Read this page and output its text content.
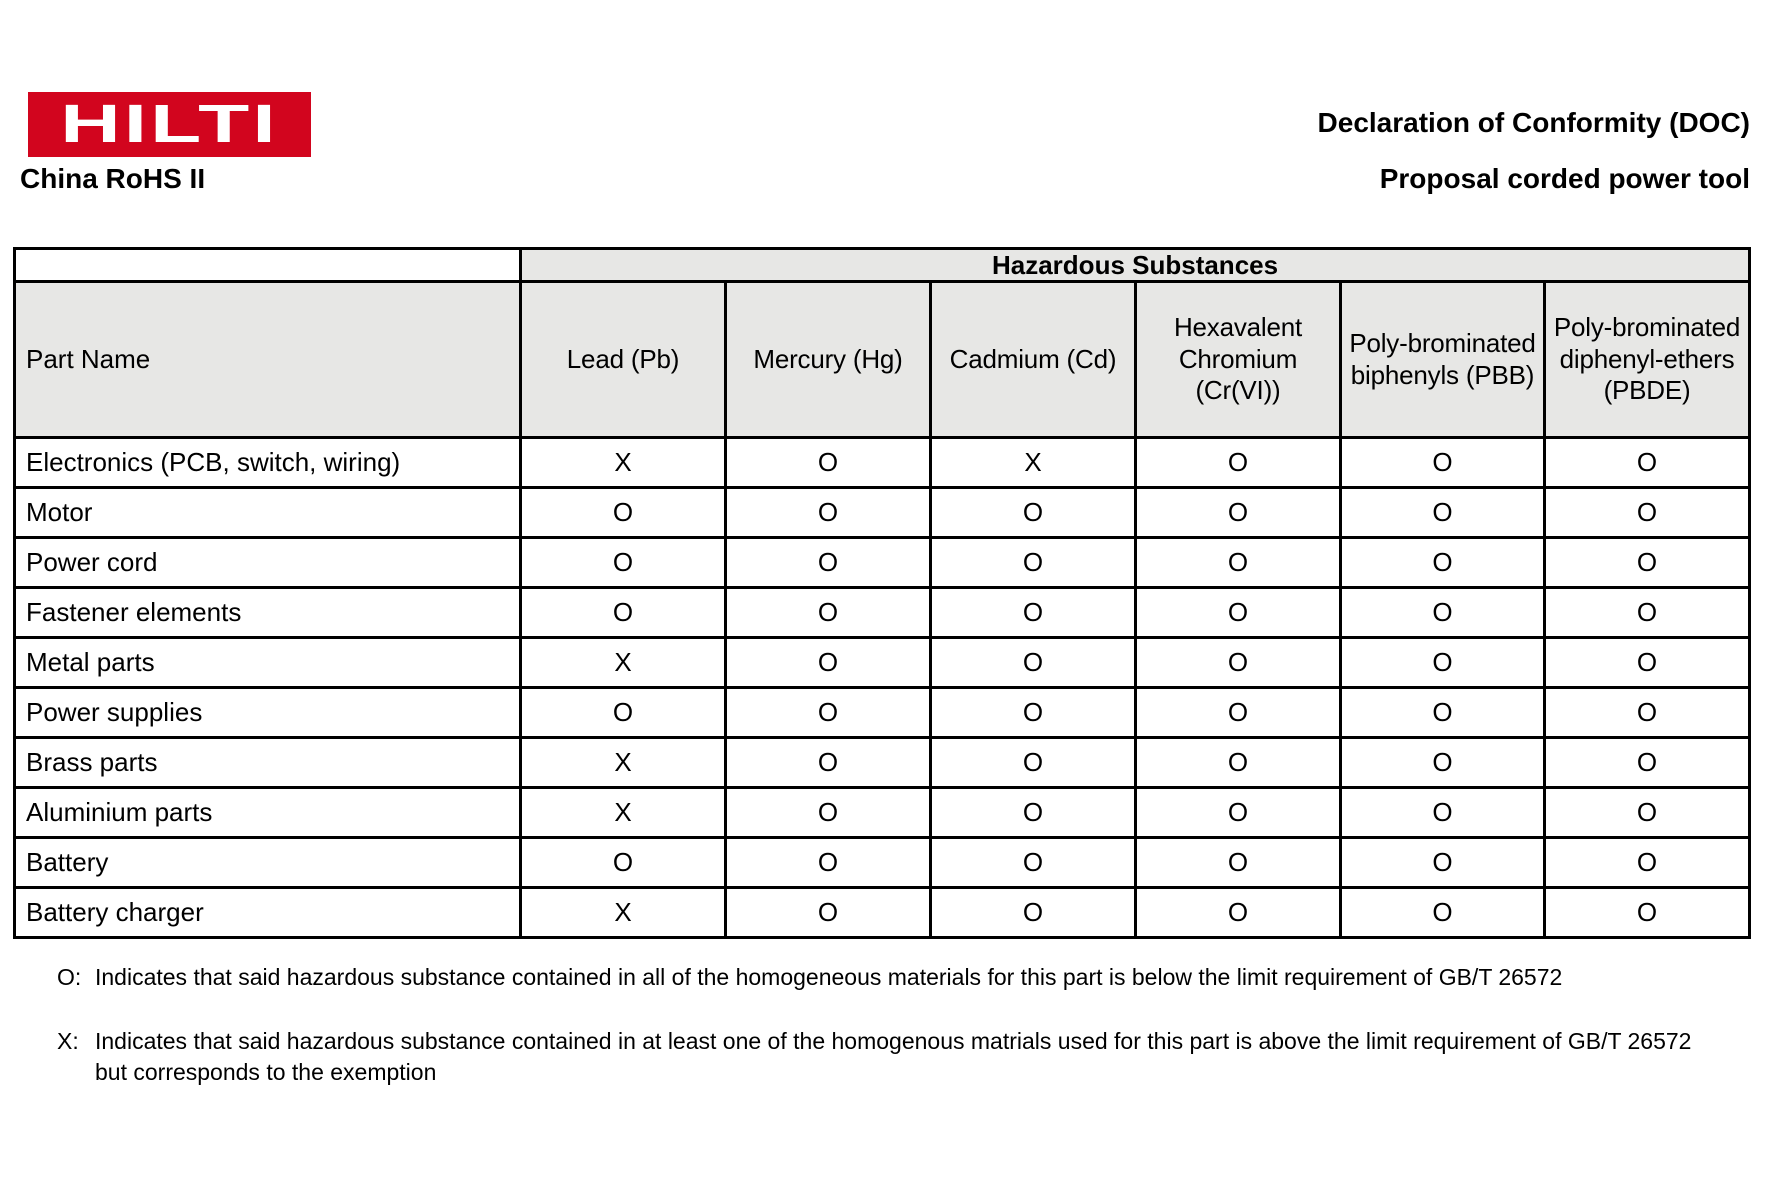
HILTI	Declaration of Conformity (DOC)
China RoHS II	Proposal corded power tool
	Hazardous Substances					
Part Name	Lead (Pb)	Mercury (Hg)	Cadmium (Cd)	Hexavalent Chromium (Cr(VI))	Poly-brominated biphenyls (PBB)	Poly-brominated diphenyl-ethers (PBDE)
Electronics (PCB, switch, wiring)	X	O	X	O	O	O
Motor	O	O	O	O	O	O
Power cord	O	O	O	O	O	O
Fastener elements	O	O	O	O	O	O
Metal parts	X	O	O	O	O	O
Power supplies	O	O	O	O	O	O
Brass parts	X	O	O	O	O	O
Aluminium parts	X	O	O	O	O	O
Battery	O	O	O	O	O	O
Battery charger	X	O	O	O	O	O
O: Indicates that said hazardous substance contained in all of the homogeneous materials for this part is below the limit requirement of GB/T 26572
X: Indicates that said hazardous substance contained in at least one of the homogenous matrials used for this part is above the limit requirement of GB/T 26572
but corresponds to the exemption
